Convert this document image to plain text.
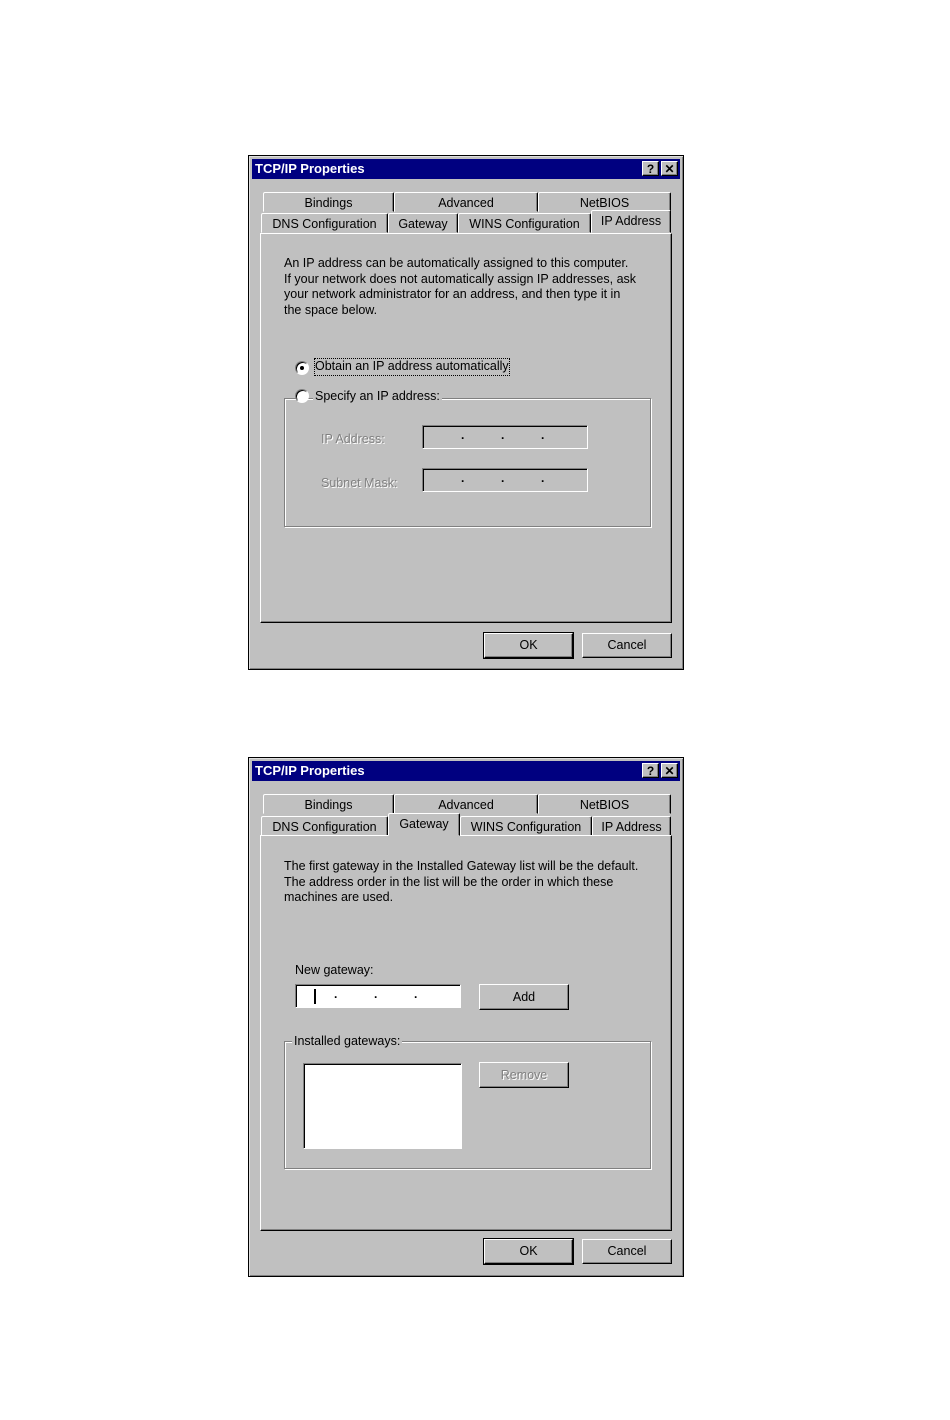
TCP/IP Properties	? ✕
Bindings	Advanced	NetBIOS
DNS Configuration	Gateway	WINS Configuration	IP Address
An IP address can be automatically assigned to this computer.
If your network does not automatically assign IP addresses, ask
your network administrator for an address, and then type it in
the space below.
Obtain an IP address automatically
Specify an IP address:
IP Address:	.	.	.
Subnet Mask:	.	.	.
OK	Cancel
TCP/IP Properties	? ✕
Bindings	Advanced	NetBIOS
DNS Configuration	Gateway	WINS Configuration	IP Address
The first gateway in the Installed Gateway list will be the default.
The address order in the list will be the order in which these
machines are used.
New gateway:
.	.	.	Add
Installed gateways:
Remove
OK	Cancel
